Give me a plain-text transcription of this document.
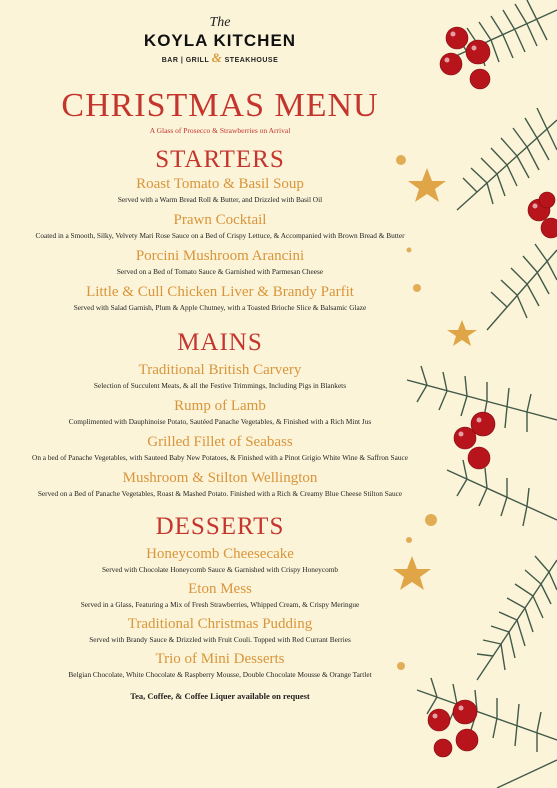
The
KOYLA KITCHEN
BAR | GRILL & STEAKHOUSE
CHRISTMAS MENU
A Glass of Prosecco & Strawberries on Arrival
STARTERS
Roast Tomato & Basil Soup
Served with a Warm Bread Roll & Butter, and Drizzled with Basil Oil
Prawn Cocktail
Coated in a Smooth, Silky, Velvety Mari Rose Sauce on a Bed of Crispy Lettuce, & Accompanied with Brown Bread & Butter
Porcini Mushroom Arancini
Served on a Bed of Tomato Sauce & Garnished with Parmesan Cheese
Little & Cull Chicken Liver & Brandy Parfit
Served with Salad Garnish, Plum & Apple Chutney, with a Toasted Brioche Slice & Balsamic Glaze
MAINS
Traditional British Carvery
Selection of Succulent Meats, & all the Festive Trimmings, Including Pigs in Blankets
Rump of Lamb
Complimented with Dauphinoise Potato, Sautéed Panache Vegetables, & Finished with a Rich Mint Jus
Grilled Fillet of Seabass
On a bed of Panache Vegetables, with Sauteed Baby New Potatoes, & Finished with a Pinot Grigio White Wine & Saffron Sauce
Mushroom & Stilton Wellington
Served on a Bed of Panache Vegetables, Roast & Mashed Potato. Finished with a Rich & Creamy Blue Cheese Stilton Sauce
DESSERTS
Honeycomb Cheesecake
Served with Chocolate Honeycomb Sauce & Garnished with Crispy Honeycomb
Eton Mess
Served in a Glass, Featuring a Mix of Fresh Strawberries, Whipped Cream, & Crispy Meringue
Traditional Christmas Pudding
Served with Brandy Sauce & Drizzled with Fruit Couli. Topped with Red Currant Berries
Trio of Mini Desserts
Belgian Chocolate, White Chocolate & Raspberry Mousse, Double Chocolate Mousse & Orange Tartlet
Tea, Coffee, & Coffee Liquer available on request
